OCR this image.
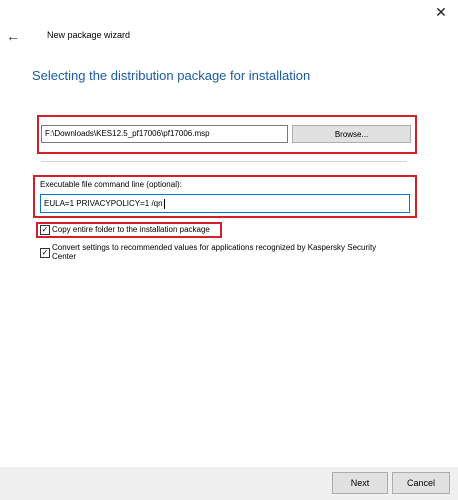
✕
←	New package wizard
Selecting the distribution package for installation
F:\Downloads\KES12.5_pf17006\pf17006.msp	Browse...
Executable file command line (optional):
EULA=1 PRIVACYPOLICY=1 /qn
✓ Copy entire folder to the installation package
✓
Convert settings to recommended values for applications recognized by Kaspersky Security Center
Next	Cancel
